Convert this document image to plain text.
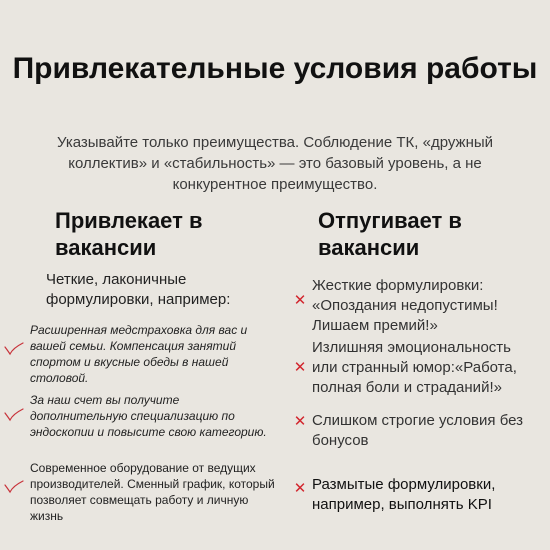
Привлекательные условия работы
Указывайте только преимущества. Соблюдение ТК, «дружный коллектив» и «стабильность» — это базовый уровень, а не конкурентное преимущество.
Привлекает в вакансии
Отпугивает в вакансии
Четкие, лаконичные формулировки, например:
Расширенная медстраховка для вас и вашей семьи. Компенсация занятий спортом и вкусные обеды в нашей столовой.
За наш счет вы получите дополнительную специализацию по эндоскопии и повысите свою категорию.
Современное оборудование от ведущих производителей. Сменный график, который позволяет совмещать работу и личную жизнь
✕
Жесткие формулировки: «Опоздания недопустимы! Лишаем премий!»
✕
Излишняя эмоциональность или странный юмор:«Работа, полная боли и страданий!»
✕ Слишком строгие условия без бонусов
✕ Размытые формулировки, например, выполнять KPI
